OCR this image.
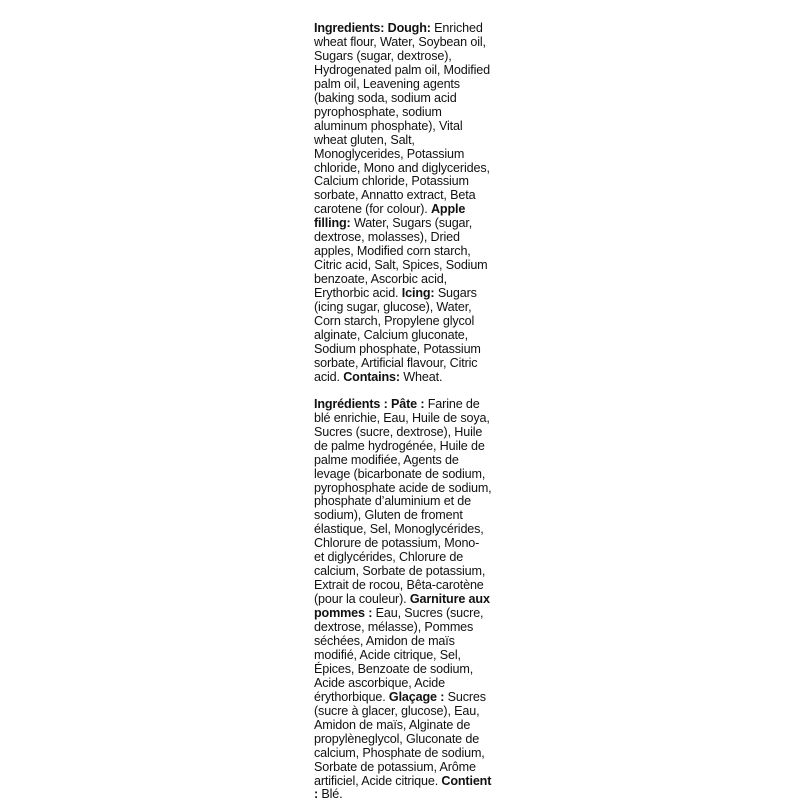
Ingredients: Dough: Enriched wheat flour, Water, Soybean oil, Sugars (sugar, dextrose), Hydrogenated palm oil, Modified palm oil, Leavening agents (baking soda, sodium acid pyrophosphate, sodium aluminum phosphate), Vital wheat gluten, Salt, Monoglycerides, Potassium chloride, Mono and diglycerides, Calcium chloride, Potassium sorbate, Annatto extract, Beta carotene (for colour). Apple filling: Water, Sugars (sugar, dextrose, molasses), Dried apples, Modified corn starch, Citric acid, Salt, Spices, Sodium benzoate, Ascorbic acid, Erythorbic acid. Icing: Sugars (icing sugar, glucose), Water, Corn starch, Propylene glycol alginate, Calcium gluconate, Sodium phosphate, Potassium sorbate, Artificial flavour, Citric acid. Contains: Wheat.

Ingrédients : Pâte : Farine de blé enrichie, Eau, Huile de soya, Sucres (sucre, dextrose), Huile de palme hydrogénée, Huile de palme modifiée, Agents de levage (bicarbonate de sodium, pyrophosphate acide de sodium, phosphate d’aluminium et de sodium), Gluten de froment élastique, Sel, Monoglycérides, Chlorure de potassium, Mono- et diglycérides, Chlorure de calcium, Sorbate de potassium, Extrait de rocou, Bêta-carotène (pour la couleur). Garniture aux pommes : Eau, Sucres (sucre, dextrose, mélasse), Pommes séchées, Amidon de maïs modifié, Acide citrique, Sel, Épices, Benzoate de sodium, Acide ascorbique, Acide érythorbique. Glaçage : Sucres (sucre à glacer, glucose), Eau, Amidon de maïs, Alginate de propylèneglycol, Gluconate de calcium, Phosphate de sodium, Sorbate de potassium, Arôme artificiel, Acide citrique. Contient : Blé.
